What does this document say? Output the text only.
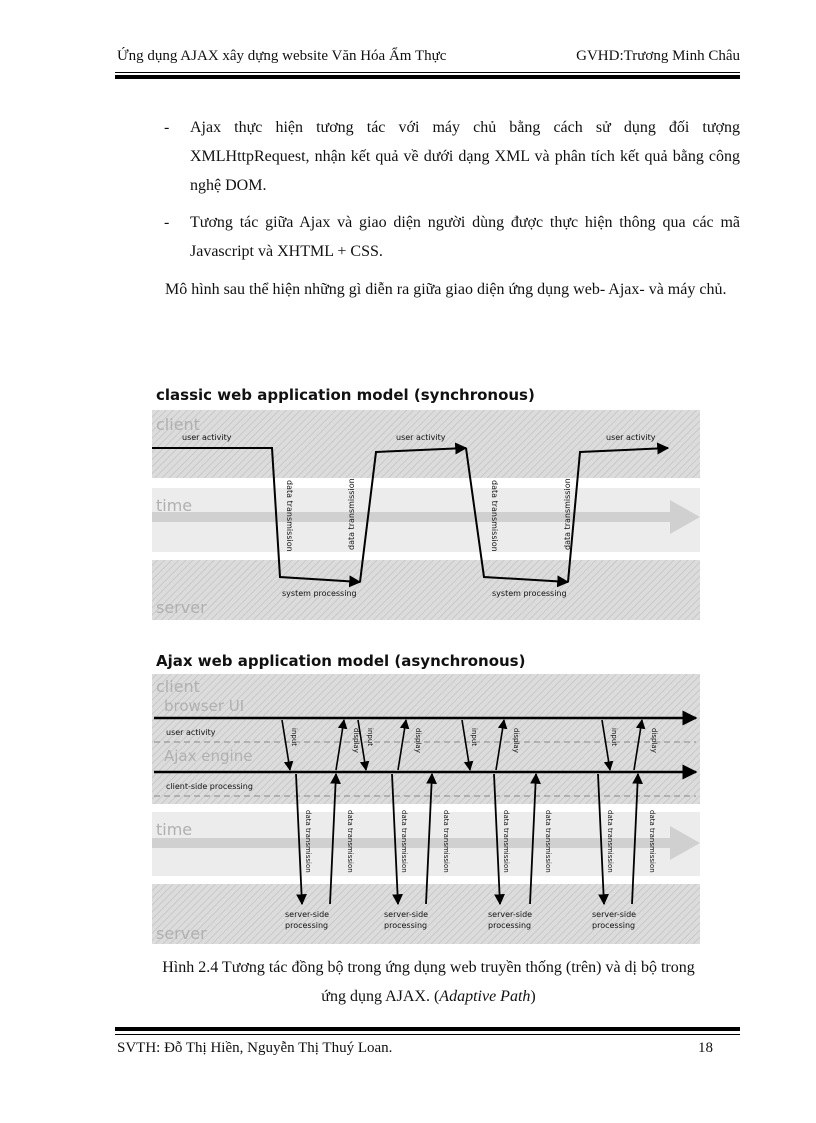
Ứng dụng AJAX xây dựng website Văn Hóa Ẩm Thực	GVHD:Trương Minh Châu
- Ajax thực hiện tương tác với máy chủ bằng cách sử dụng đối tượng XMLHttpRequest, nhận kết quả về dưới dạng XML và phân tích kết quả bằng công nghệ DOM.
- Tương tác giữa Ajax và giao diện người dùng được thực hiện thông qua các mã Javascript và XHTML + CSS.
Mô hình sau thể hiện những gì diễn ra giữa giao diện ứng dụng web- Ajax- và máy chủ.
classic web application model (synchronous)
client
time
server
user activity	user activity	user activity
data transmission	data transmission	data transmission	data transmission
system processing	system processing
Ajax web application model (asynchronous)
client
browser UI
user activity
Ajax engine
client-side processing
time
server
input	display input	display	input	display	input	display
data transmission	data transmission	data transmission	data transmission	data transmission	data transmission	data transmission	data transmission
server-side
processing
server-side
processing
server-side
processing
server-side
processing
Hình 2.4 Tương tác đồng bộ trong ứng dụng web truyền thống (trên) và dị bộ trong
ứng dụng AJAX. (Adaptive Path)
SVTH: Đỗ Thị Hiền, Nguyễn Thị Thuý Loan.	18
